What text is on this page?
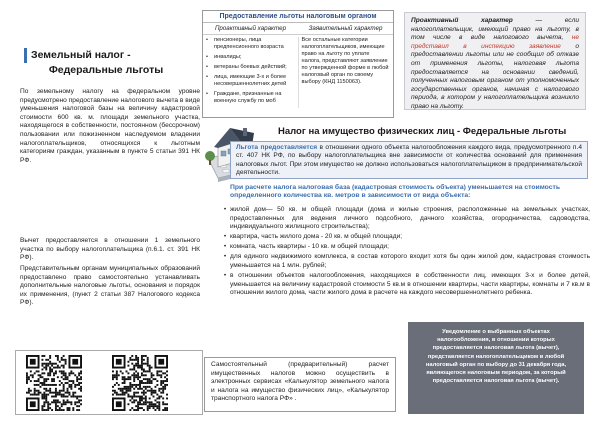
Земельный налог -
Федеральные льготы
По земельному налогу на федеральном уровне предусмотрено предоставление налогового вычета в виде уменьшения налоговой базы на величину кадастровой стоимости 600 кв. м. площади земельного участка, находящегося в собственности, постоянном (бессрочном) пользовании или пожизненном наследуемом владении налогоплательщиков, относящихся к льготным категориям граждан, указанным в пункте 5 статьи 391 НК РФ.
Вычет предоставляется в отношении 1 земельного участка по выбору налогоплательщика (п.6.1. ст. 391 НК РФ).
Представительным органам муниципальных образований предоставлено право самостоятельно устанавливать дополнительные налоговые льготы, основания и порядок их применения, (пункт 2 статьи 387 Налогового кодекса РФ).
Предоставление льготы налоговым органом
Проактивный характер	Заявительный характер
•	пенсионеры, лица предпенсионного возраста
•	инвалиды;
•	ветераны боевых действий;
•	лица, имеющие 3-х и более несовершеннолетних детей
•	Граждане, признанные на военную службу по моб

Все остальные категории налогоплательщиков, имеющие право на льготу по уплате налога, представляют заявление по утвержденной форме в любой налоговый орган по своему выбору (КНД 1150063).

Проактивный характер — если налогоплательщик, имеющий право на льготу, в том числе в виде налогового вычета, не представил в инспекцию заявление о предоставлении льготы или не сообщил об отказе от применения льготы, налоговая льгота предоставляется на основании сведений, полученных налоговым органом от уполномоченных государственных органов, начиная с налогового периода, в котором у налогоплательщика возникло право на льготу.

Налог на имущество физических лиц - Федеральные льготы

Льгота предоставляется в отношении одного объекта налогообложения каждого вида, предусмотренного п.4 ст. 407 НК РФ, по выбору налогоплательщика вне зависимости от количества оснований для применения налоговых льгот. При этом имущество не должно использоваться налогоплательщиком в предпринимательской деятельности.

При расчете налога налоговая база (кадастровая стоимость объекта) уменьшается на стоимость определенного количества кв. метров в зависимости от вида объекта:
• жилой дом— 50 кв. м общей площади (дома и жилые строения, расположенные на земельных участках, предоставленных для ведения личного подсобного, дачного хозяйства, огородничества, садоводства, индивидуального жилищного строительства);
• квартира, часть жилого дома - 20 кв. м общей площади;
• комната, часть квартиры - 10 кв. м общей площади;
• для единого недвижимого комплекса, в состав которого входит хотя бы один жилой дом, кадастровая стоимость уменьшается на 1 млн. рублей;
• в отношении объектов налогообложения, находящихся в собственности лиц, имеющих 3-х и более детей, уменьшается на величину кадастровой стоимости 5 кв.м в отношении квартиры, части квартиры, комнаты и 7 кв.м в отношении жилого дома, части жилого дома в расчете на каждого несовершеннолетнего ребенка.

Самостоятельный (предварительный) расчет имущественных налогов можно осуществить в электронных сервисах «Калькулятор земельного налога и налога на имущество физических лиц», «Калькулятор транспортного налога РФ» .

Уведомление о выбранных объектах налогообложения, в отношении которых предоставляется налоговая льгота (вычет), представляется налогоплательщиком в любой налоговый орган по выбору до 31 декабря года, являющегося налоговым периодом, за который предоставляется налоговая льгота (вычет).
